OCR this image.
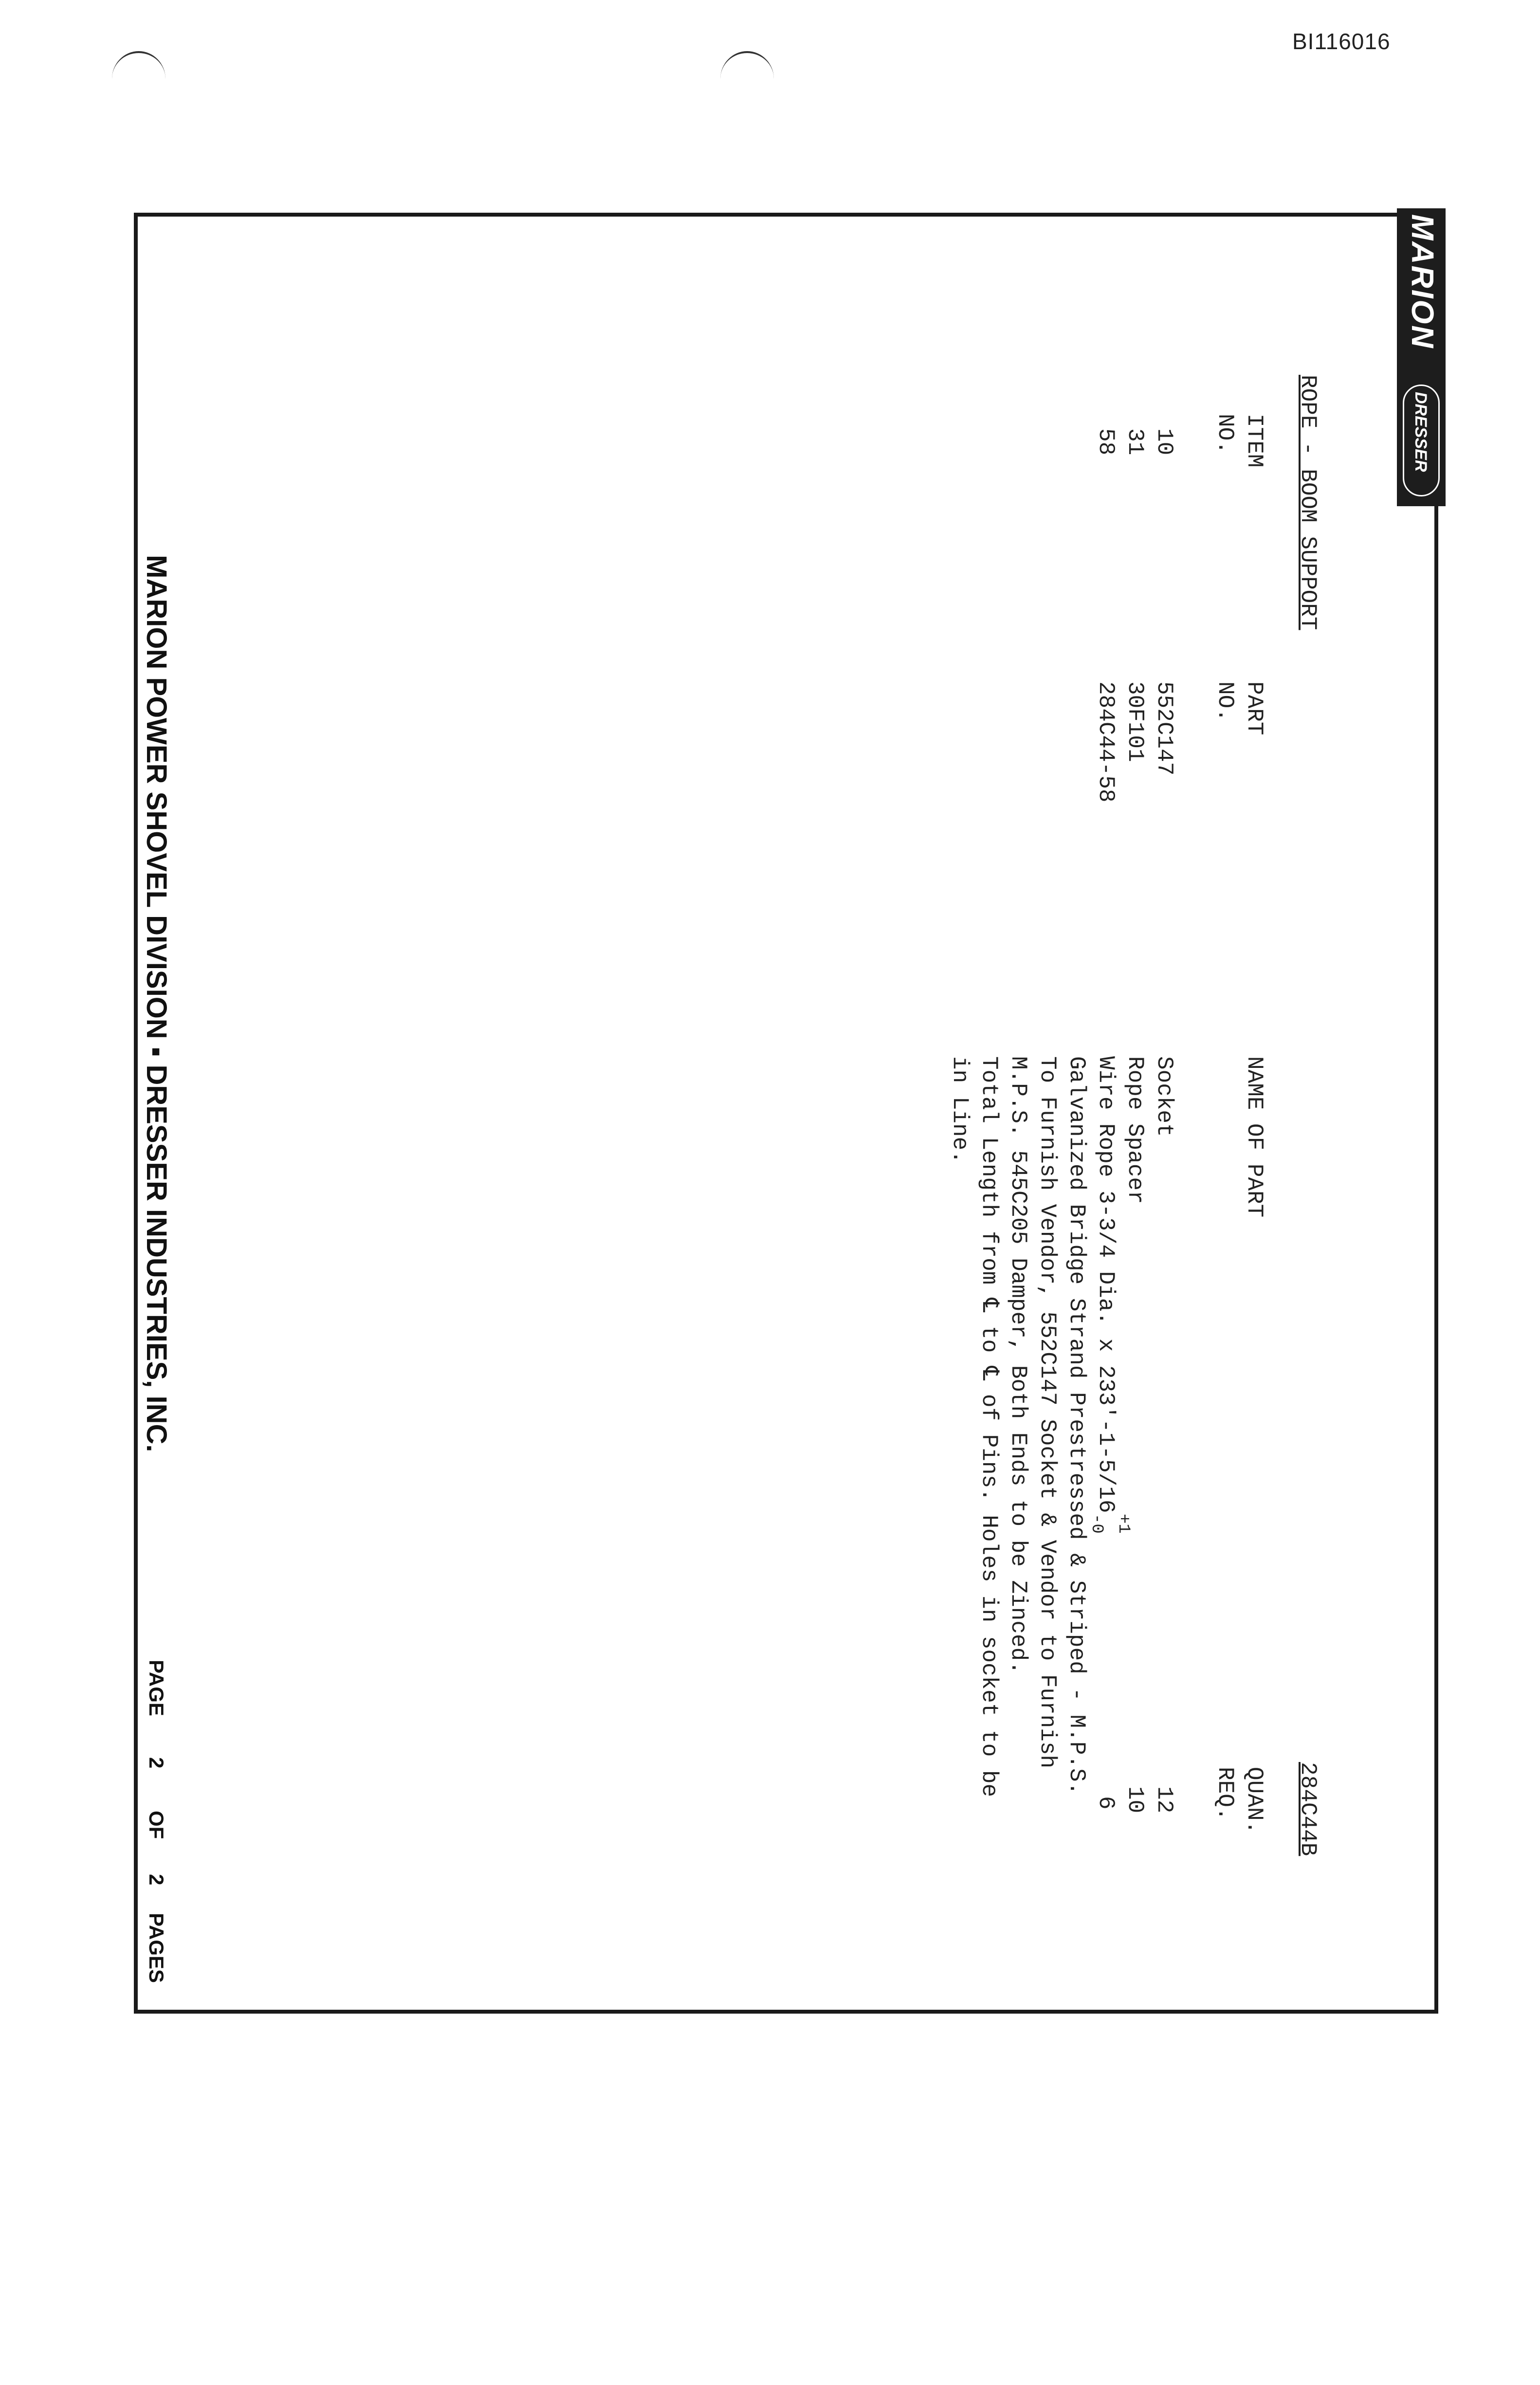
BI116016
MARION
DRESSER
ROPE - BOOM SUPPORT
284C44B
ITEM
NO.
PART
NO.
NAME OF PART
QUAN.
REQ.
10
552C147
Socket
12
31
30F101
Rope Spacer
10
58
284C44-58
Wire Rope 3-3/4 Dia. x 233'-1-5/16
+1
-0
6
Galvanized Bridge Strand Prestressed & Striped - M.P.S.
To Furnish Vendor, 552C147 Socket & Vendor to Furnish
M.P.S. 545C205 Damper, Both Ends to be Zinced.
Total Length from ℄ to ℄ of Pins. Holes in socket to be
in Line.
MARION POWER SHOVEL DIVISION ▪ DRESSER INDUSTRIES, INC.
PAGE
2
OF
2
PAGES
